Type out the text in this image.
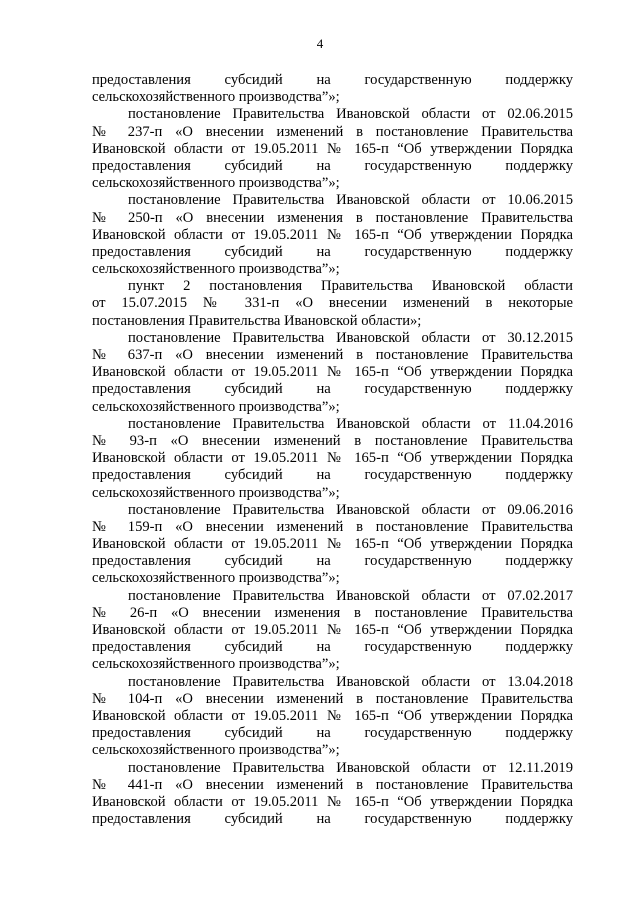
4
предоставления субсидий на государственную поддержку
сельскохозяйственного производства”»;
постановление Правительства Ивановской области от 02.06.2015
№ 237-п «О внесении изменений в постановление Правительства
Ивановской области от 19.05.2011 № 165-п “Об утверждении Порядка
предоставления субсидий на государственную поддержку
сельскохозяйственного производства”»;
постановление Правительства Ивановской области от 10.06.2015
№ 250-п «О внесении изменения в постановление Правительства
Ивановской области от 19.05.2011 № 165-п “Об утверждении Порядка
предоставления субсидий на государственную поддержку
сельскохозяйственного производства”»;
пункт 2 постановления Правительства Ивановской области
от 15.07.2015 № 331-п «О внесении изменений в некоторые
постановления Правительства Ивановской области»;
постановление Правительства Ивановской области от 30.12.2015
№ 637-п «О внесении изменений в постановление Правительства
Ивановской области от 19.05.2011 № 165-п “Об утверждении Порядка
предоставления субсидий на государственную поддержку
сельскохозяйственного производства”»;
постановление Правительства Ивановской области от 11.04.2016
№ 93-п «О внесении изменений в постановление Правительства
Ивановской области от 19.05.2011 № 165-п “Об утверждении Порядка
предоставления субсидий на государственную поддержку
сельскохозяйственного производства”»;
постановление Правительства Ивановской области от 09.06.2016
№ 159-п «О внесении изменений в постановление Правительства
Ивановской области от 19.05.2011 № 165-п “Об утверждении Порядка
предоставления субсидий на государственную поддержку
сельскохозяйственного производства”»;
постановление Правительства Ивановской области от 07.02.2017
№ 26-п «О внесении изменения в постановление Правительства
Ивановской области от 19.05.2011 № 165-п “Об утверждении Порядка
предоставления субсидий на государственную поддержку
сельскохозяйственного производства”»;
постановление Правительства Ивановской области от 13.04.2018
№ 104-п «О внесении изменений в постановление Правительства
Ивановской области от 19.05.2011 № 165-п “Об утверждении Порядка
предоставления субсидий на государственную поддержку
сельскохозяйственного производства”»;
постановление Правительства Ивановской области от 12.11.2019
№ 441-п «О внесении изменений в постановление Правительства
Ивановской области от 19.05.2011 № 165-п “Об утверждении Порядка
предоставления субсидий на государственную поддержку
